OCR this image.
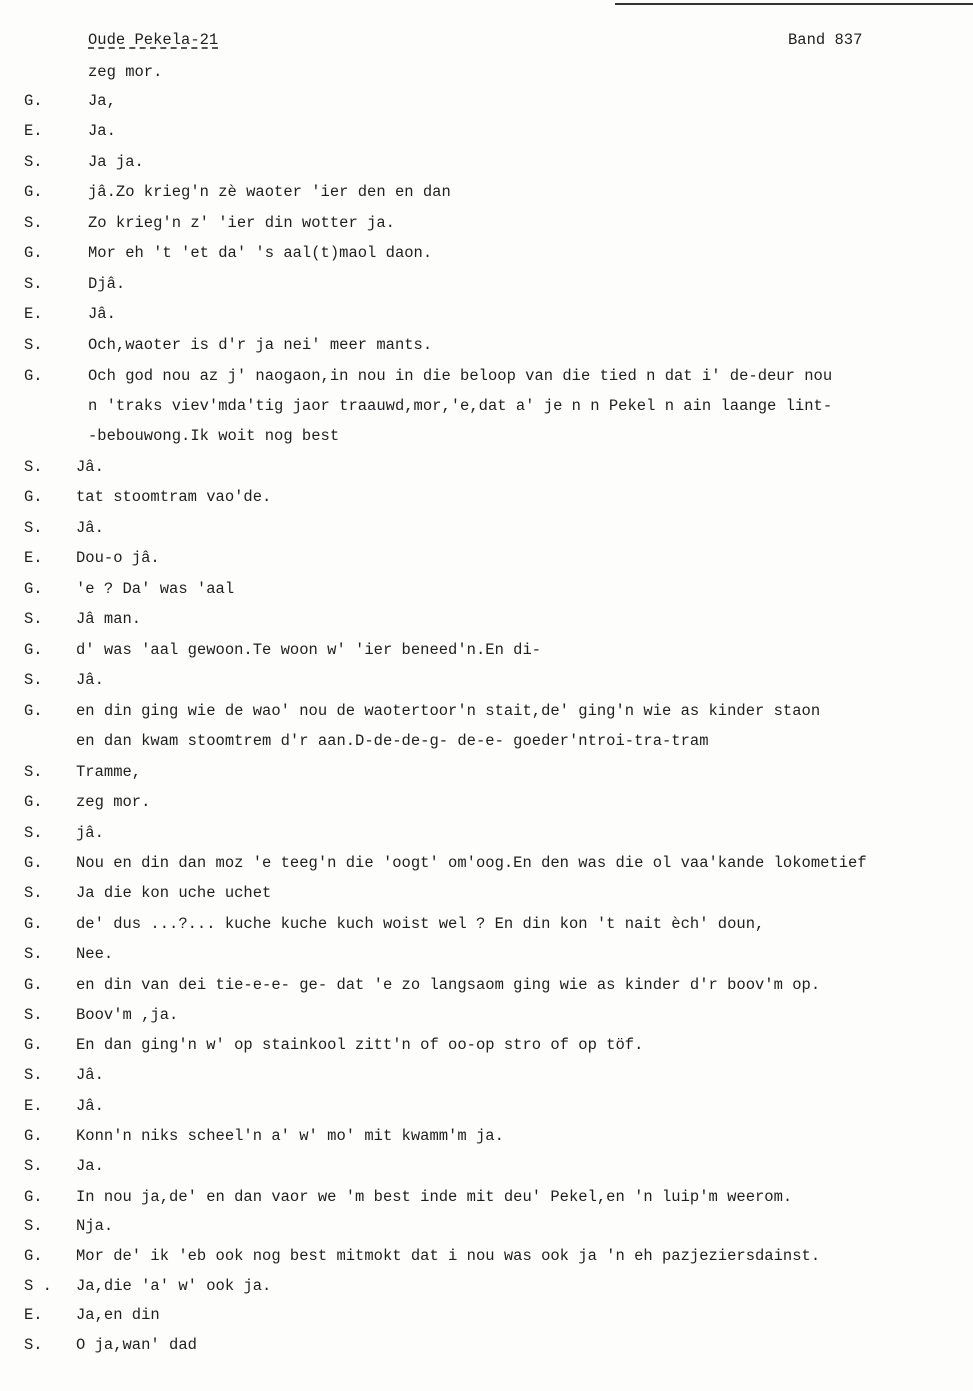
Oude Pekela-21	Band 837
zeg mor.
G.	Ja,
E.	Ja.
S.	Ja ja.
G.	jâ.Zo krieg'n zè waoter 'ier den en dan
S.	Zo krieg'n z' 'ier din wotter ja.
G.	Mor eh 't 'et da' 's aal(t)maol daon.
S.	Djâ.
E.	Jâ.
S.	Och,waoter is d'r ja nei' meer mants.
G.	Och god nou az j' naogaon,in nou in die beloop van die tied n dat i' de-deur nou
n 'traks viev'mda'tig jaor traauwd,mor,'e,dat a' je n n Pekel n ain laange lint-
-bebouwong.Ik woit nog best
S. Jâ.
G. tat stoomtram vao'de.
S. Jâ.
E. Dou-o jâ.
G. 'e ? Da' was 'aal
S. Jâ man.
G. d' was 'aal gewoon.Te woon w' 'ier beneed'n.En di-
S. Jâ.
G. en din ging wie de wao' nou de waotertoor'n stait,de' ging'n wie as kinder staon
en dan kwam stoomtrem d'r aan.D-de-de-g- de-e- goeder'ntroi-tra-tram
S. Tramme,
G. zeg mor.
S. jâ.
G. Nou en din dan moz 'e teeg'n die 'oogt' om'oog.En den was die ol vaa'kande lokometief
S. Ja die kon uche uchet
G. de' dus ...?... kuche kuche kuch woist wel ? En din kon 't nait èch' doun,
S. Nee.
G. en din van dei tie-e-e- ge- dat 'e zo langsaom ging wie as kinder d'r boov'm op.
S. Boov'm ,ja.
G. En dan ging'n w' op stainkool zitt'n of oo-op stro of op töf.
S. Jâ.
E. Jâ.
G. Konn'n niks scheel'n a' w' mo' mit kwamm'm ja.
S. Ja.
G. In nou ja,de' en dan vaor we 'm best inde mit deu' Pekel,en 'n luip'm weerom.
S. Nja.
G. Mor de' ik 'eb ook nog best mitmokt dat i nou was ook ja 'n eh pazjeziersdainst.
S . Ja,die 'a' w' ook ja.
E. Ja,en din
S. O ja,wan' dad
